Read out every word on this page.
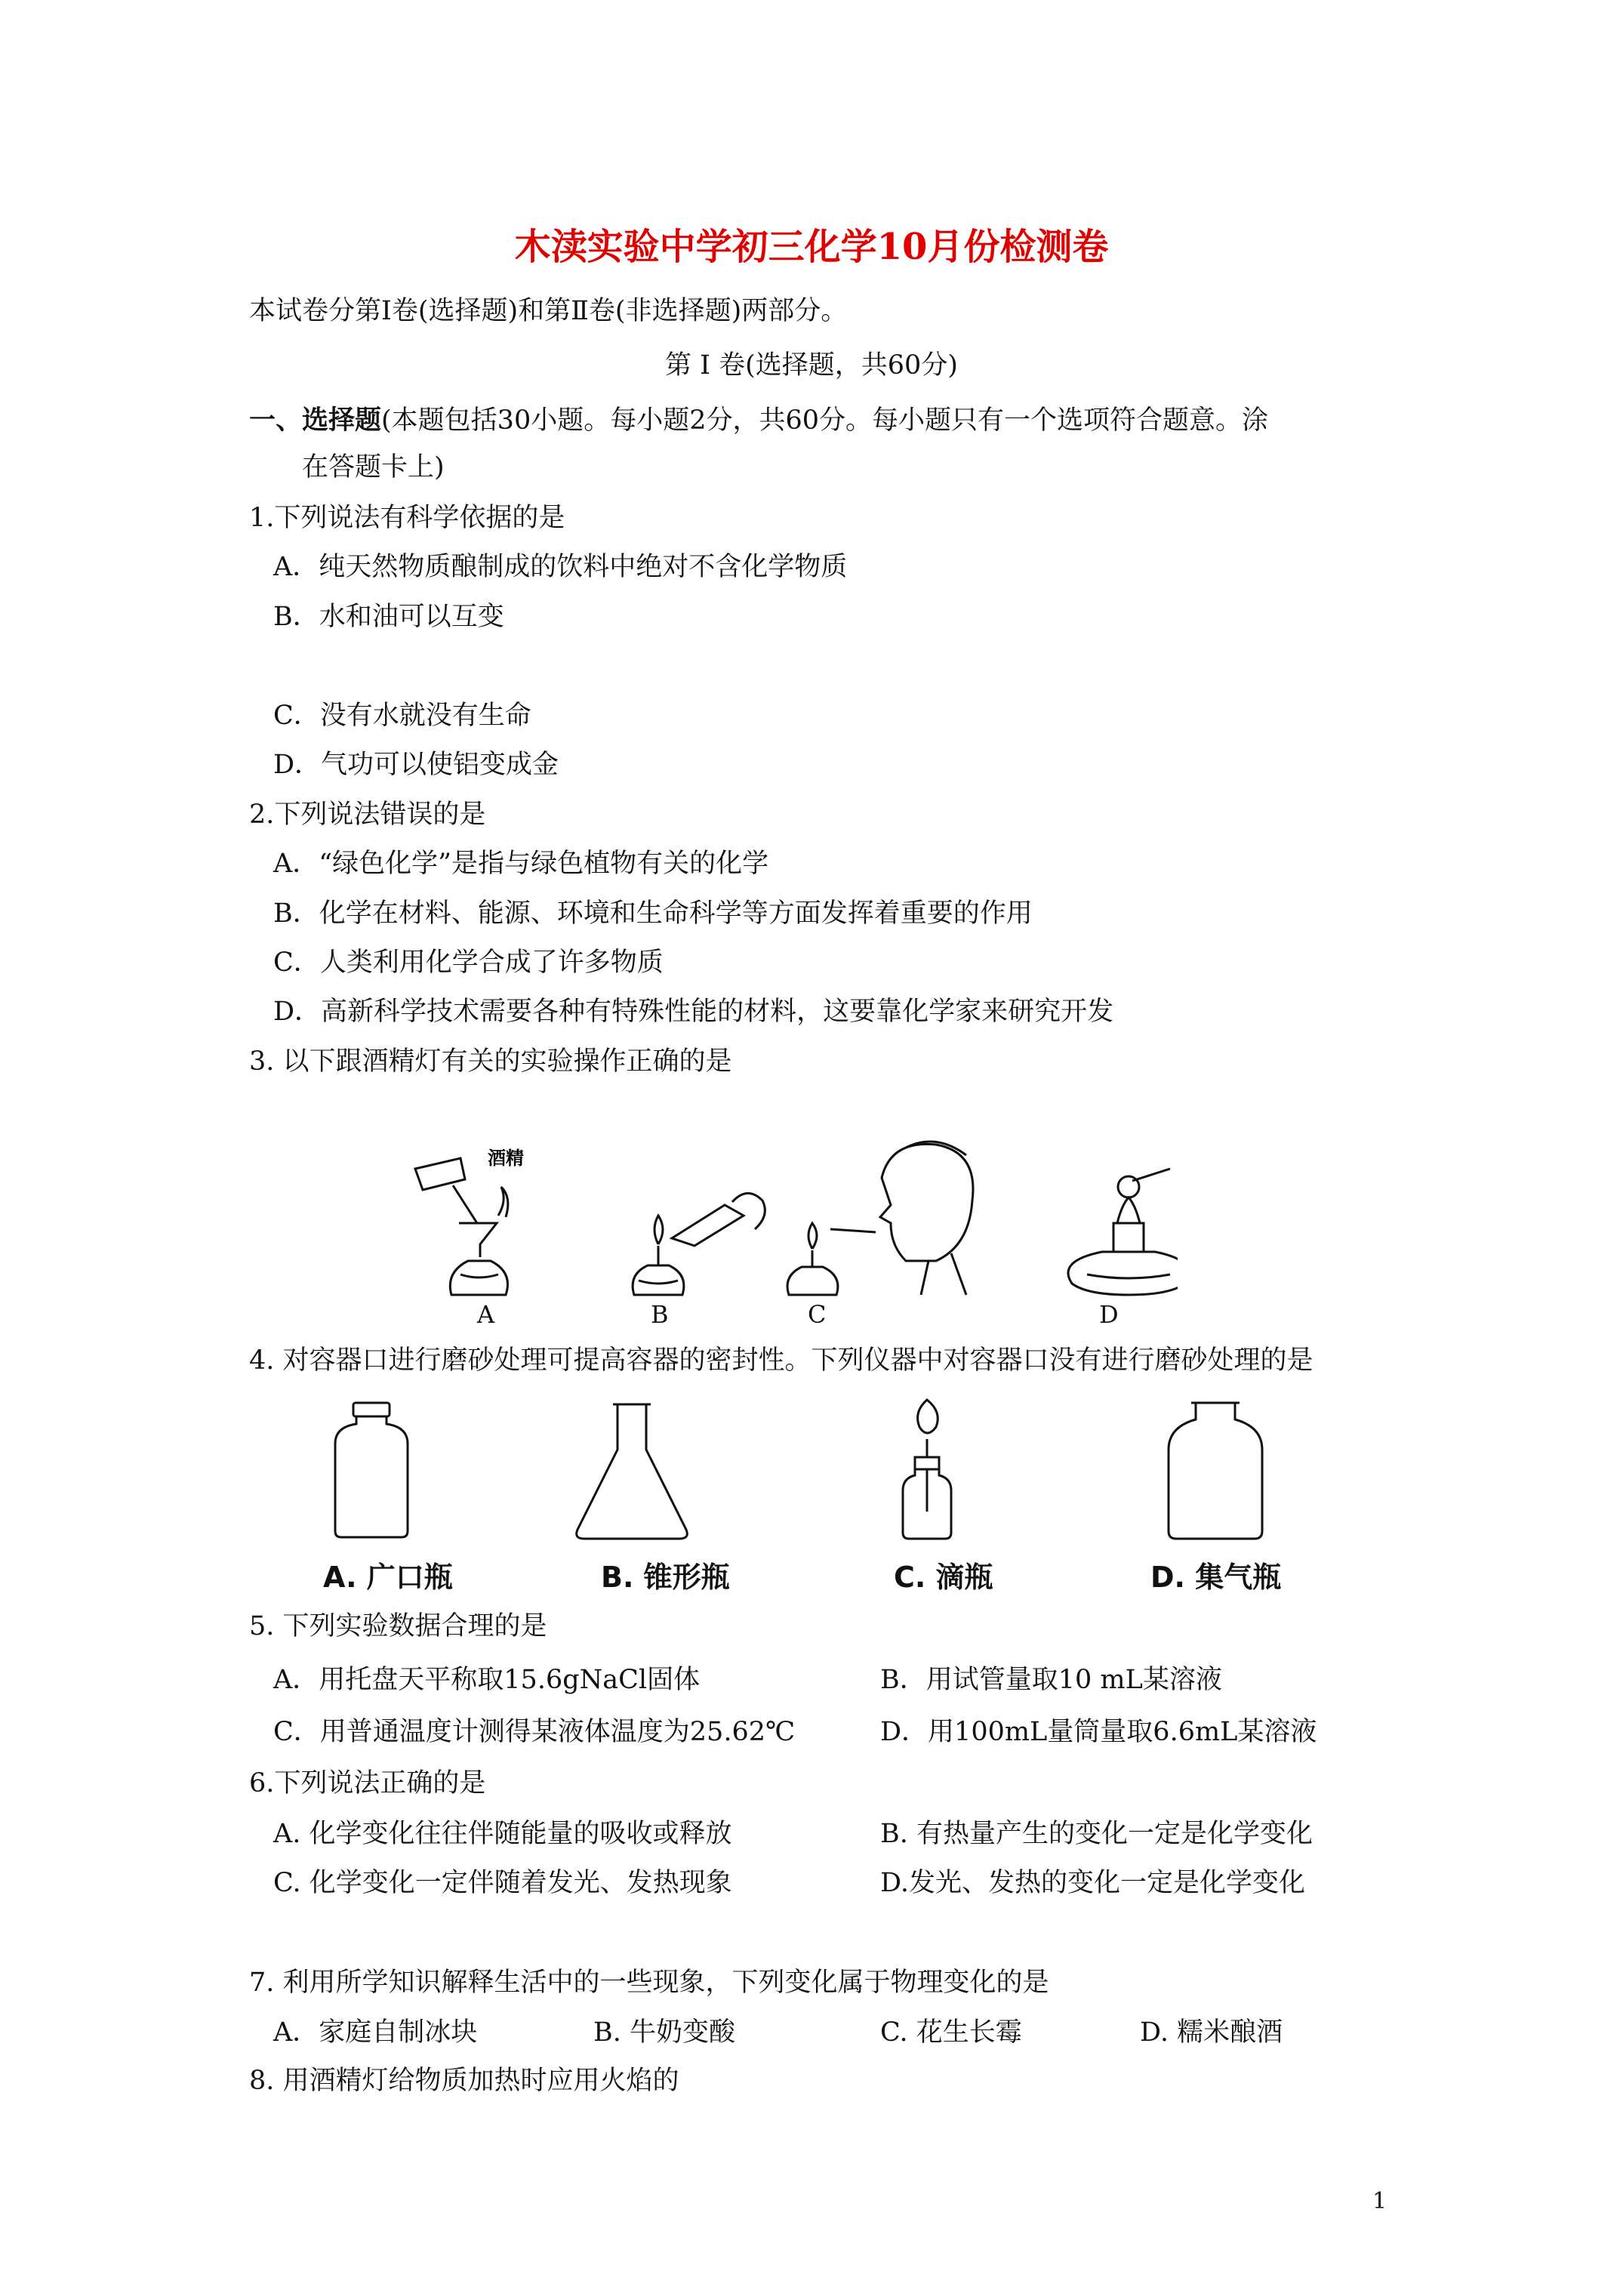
木渎实验中学初三化学10月份检测卷
本试卷分第Ⅰ卷(选择题)和第Ⅱ卷(非选择题)两部分。
第 Ⅰ 卷(选择题，共60分)
一、选择题(本题包括30小题。每小题2分，共60分。每小题只有一个选项符合题意。涂
在答题卡上)
1.下列说法有科学依据的是
A．纯天然物质酿制成的饮料中绝对不含化学物质
B．水和油可以互变
C．没有水就没有生命
D．气功可以使铝变成金
2.下列说法错误的是
A．“绿色化学”是指与绿色植物有关的化学
B．化学在材料、能源、环境和生命科学等方面发挥着重要的作用
C．人类利用化学合成了许多物质
D．高新科学技术需要各种有特殊性能的材料，这要靠化学家来研究开发
3. 以下跟酒精灯有关的实验操作正确的是
酒精
A	B	C	D
4. 对容器口进行磨砂处理可提高容器的密封性。下列仪器中对容器口没有进行磨砂处理的是
A. 广口瓶	B. 锥形瓶	C. 滴瓶	D. 集气瓶
5. 下列实验数据合理的是
A．用托盘天平称取15.6gNaCl固体	B．用试管量取10 mL某溶液
C．用普通温度计测得某液体温度为25.62℃	D．用100mL量筒量取6.6mL某溶液
6.下列说法正确的是
A. 化学变化往往伴随能量的吸收或释放	B. 有热量产生的变化一定是化学变化
C. 化学变化一定伴随着发光、发热现象	D.发光、发热的变化一定是化学变化
7. 利用所学知识解释生活中的一些现象，下列变化属于物理变化的是
A．家庭自制冰块	B. 牛奶变酸	C. 花生长霉	D. 糯米酿酒
8. 用酒精灯给物质加热时应用火焰的
1
